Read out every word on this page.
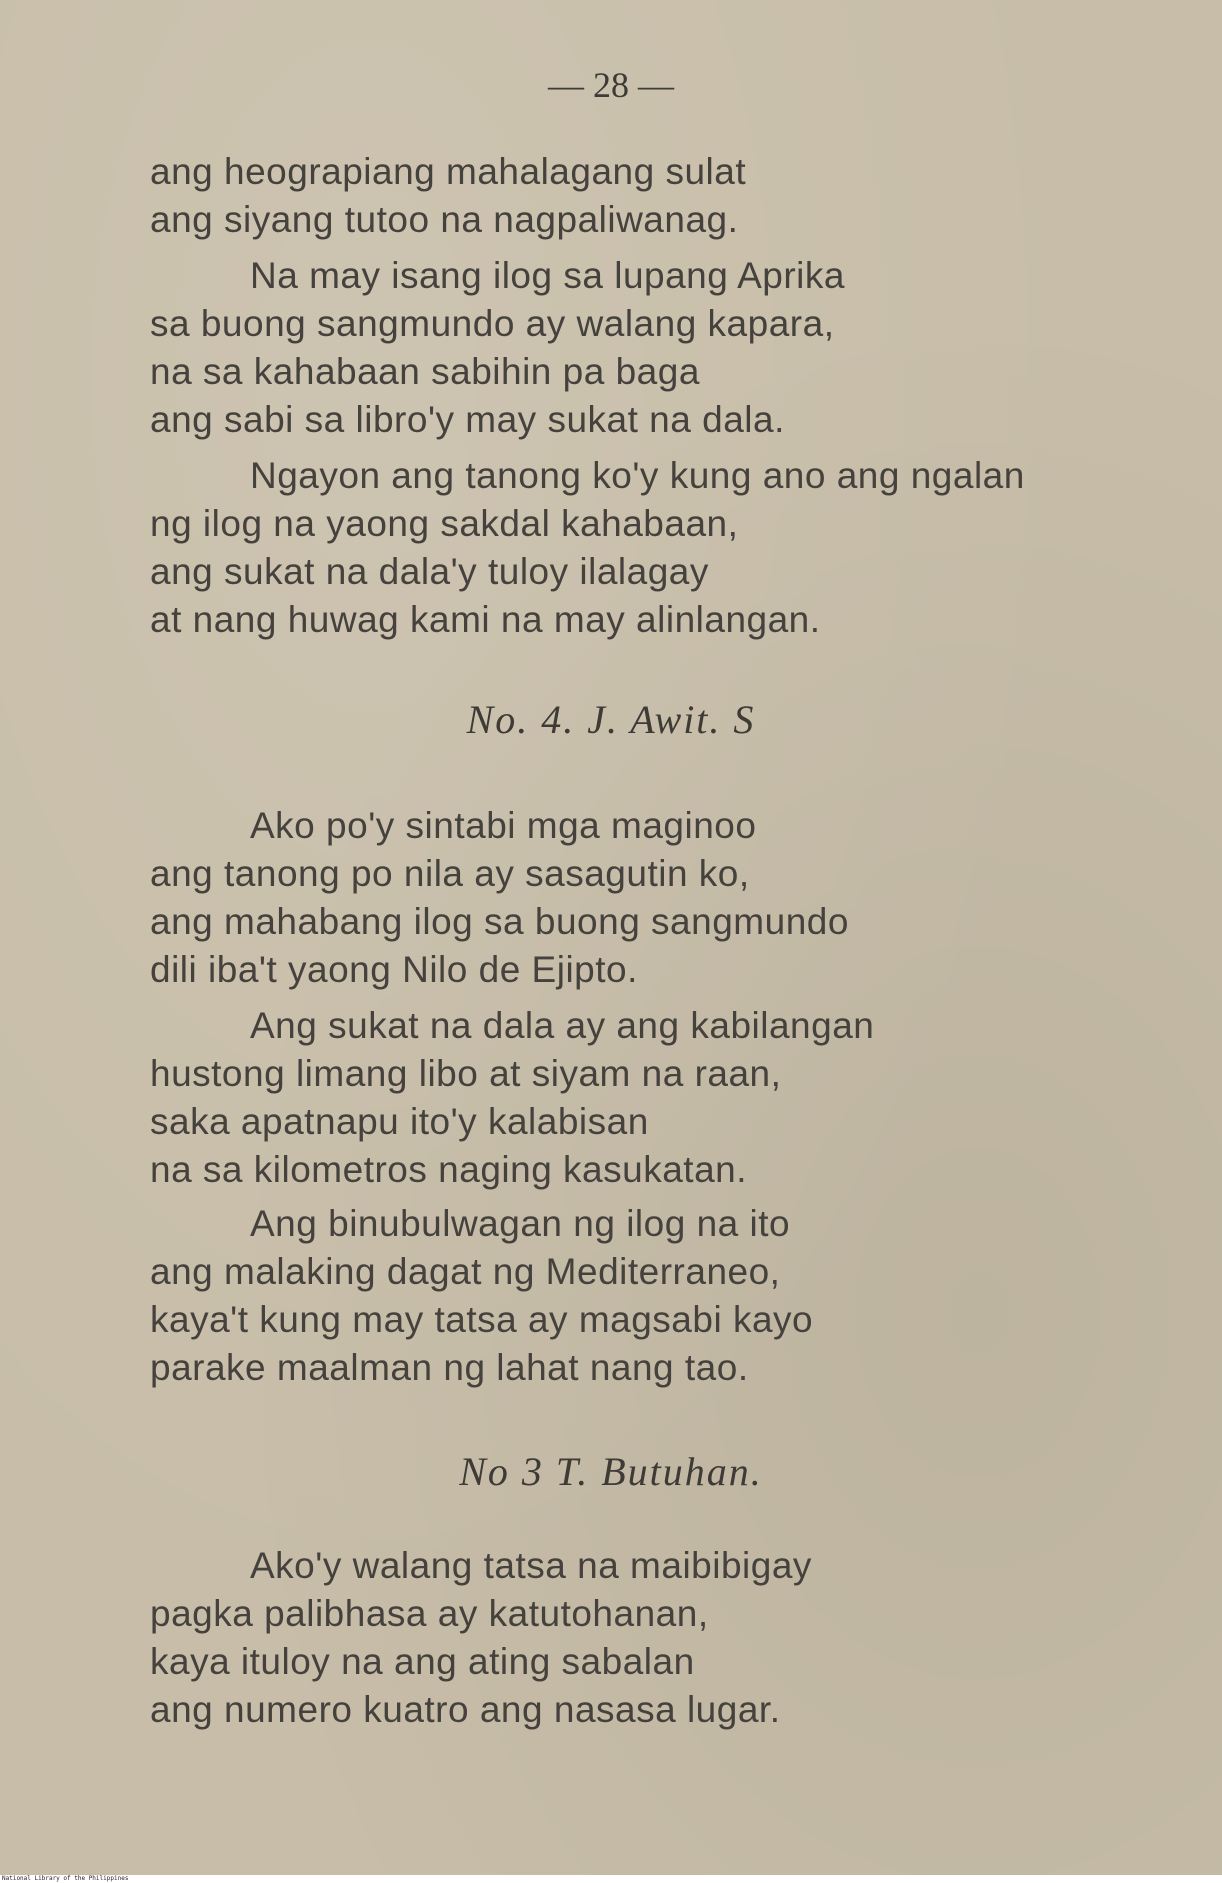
— 28 —
ang heograpiang mahalagang sulat
ang siyang tutoo na nagpaliwanag.
Na may isang ilog sa lupang Aprika
sa buong sangmundo ay walang kapara,
na sa kahabaan sabihin pa baga
ang sabi sa libro'y may sukat na dala.
Ngayon ang tanong ko'y kung ano ang ngalan
ng ilog na yaong sakdal kahabaan,
ang sukat na dala'y tuloy ilalagay
at nang huwag kami na may alinlangan.
No. 4. J. Awit. S
Ako po'y sintabi mga maginoo
ang tanong po nila ay sasagutin ko,
ang mahabang ilog sa buong sangmundo
dili iba't yaong Nilo de Ejipto.
Ang sukat na dala ay ang kabilangan
hustong limang libo at siyam na raan,
saka apatnapu ito'y kalabisan
na sa kilometros naging kasukatan.
Ang binubulwagan ng ilog na ito
ang malaking dagat ng Mediterraneo,
kaya't kung may tatsa ay magsabi kayo
parake maalman ng lahat nang tao.
No 3 T. Butuhan.
Ako'y walang tatsa na maibibigay
pagka palibhasa ay katutohanan,
kaya ituloy na ang ating sabalan
ang numero kuatro ang nasasa lugar.
National Library of the Philippines
